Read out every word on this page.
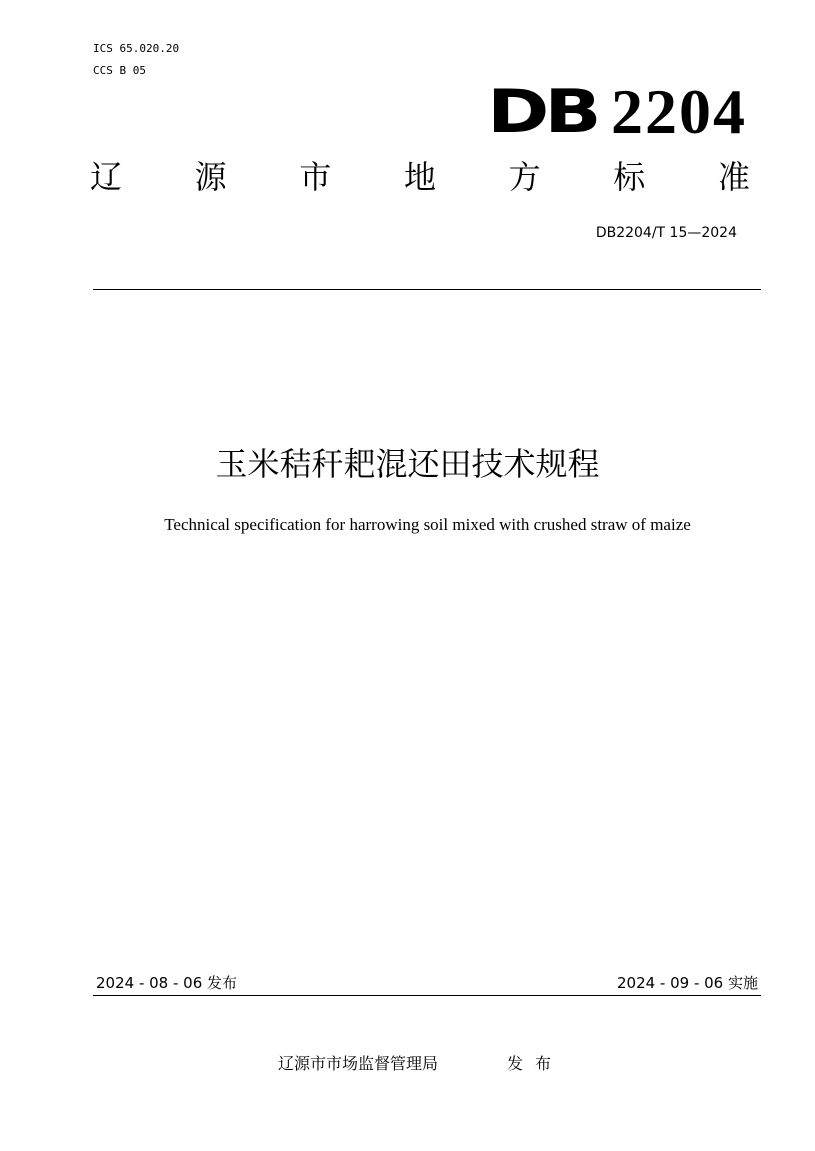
ICS 65.020.20
CCS B 05
DB 2204
辽 源 市 地 方 标 准
DB2204/T 15—2024
玉米秸秆耙混还田技术规程
Technical specification for harrowing soil mixed with crushed straw of maize
2024 - 08 - 06 发布	2024 - 09 - 06 实施
辽源市市场监督管理局	发布
